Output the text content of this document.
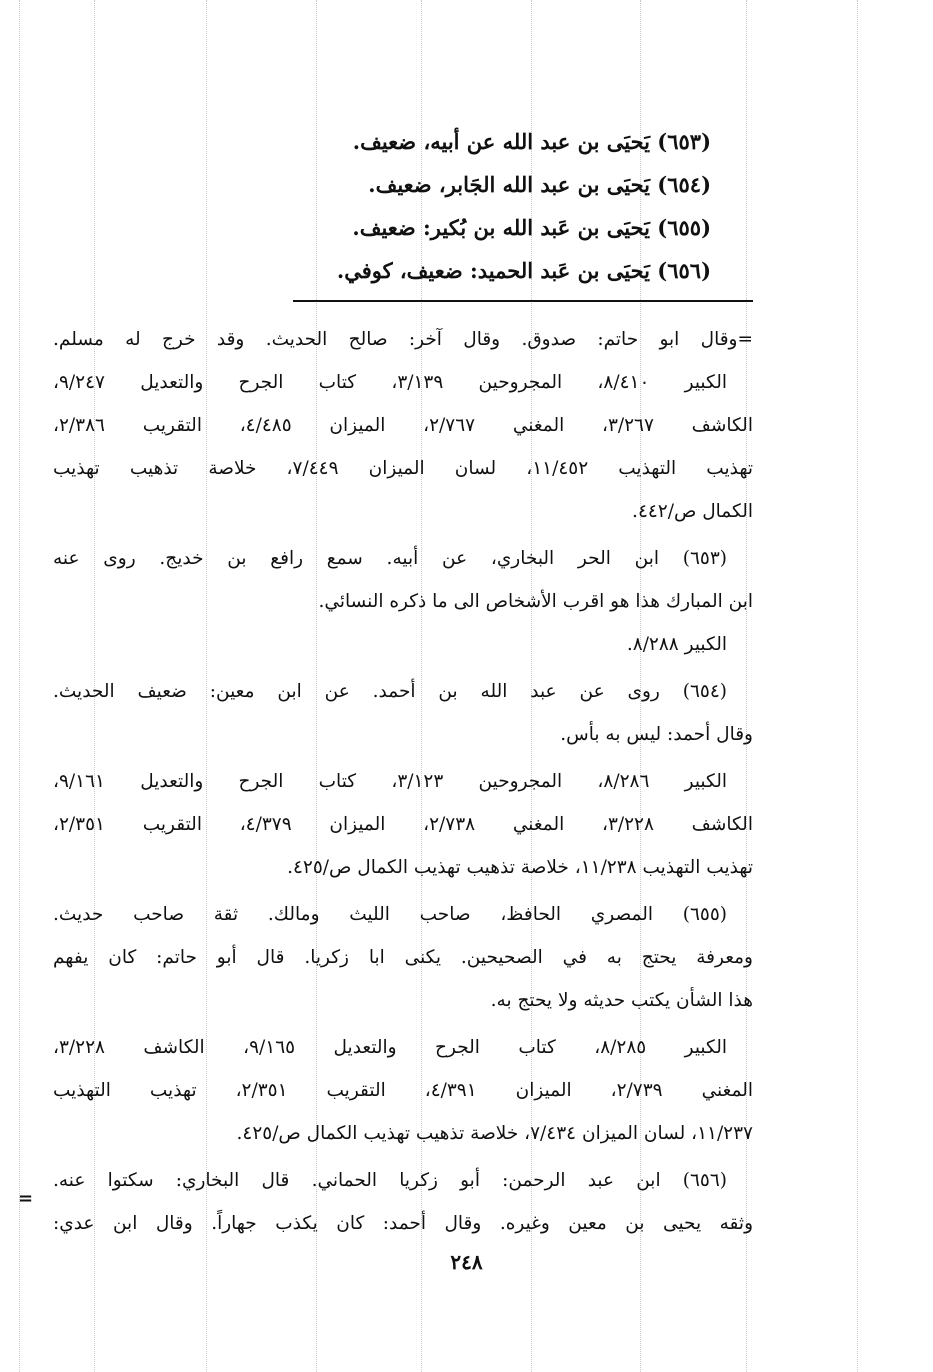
(٦٥٣) يَحيَى بن عبد الله عن أبيه، ضعيف.
(٦٥٤) يَحيَى بن عبد الله الجَابر، ضعيف.
(٦٥٥) يَحيَى بن عَبد الله بن بُكير: ضعيف.
(٦٥٦) يَحيَى بن عَبد الحميد: ضعيف، كوفي.
=وقال ابو حاتم: صدوق. وقال آخر: صالح الحديث. وقد خرج له مسلم.
الكبير ٨/٤١٠، المجروحين ٣/١٣٩، كتاب الجرح والتعديل ٩/٢٤٧،
الكاشف ٣/٢٦٧، المغني ٢/٧٦٧، الميزان ٤/٤٨٥، التقريب ٢/٣٨٦،
تهذيب التهذيب ١١/٤٥٢، لسان الميزان ٧/٤٤٩، خلاصة تذهيب تهذيب
الكمال ص/٤٤٢.
(٦٥٣) ابن الحر البخاري، عن أبيه. سمع رافع بن خديج. روى عنه
ابن المبارك هذا هو اقرب الأشخاص الى ما ذكره النسائي.
الكبير ٨/٢٨٨.
(٦٥٤) روى عن عبد الله بن أحمد. عن ابن معين: ضعيف الحديث.
وقال أحمد: ليس به بأس.
الكبير ٨/٢٨٦، المجروحين ٣/١٢٣، كتاب الجرح والتعديل ٩/١٦١،
الكاشف ٣/٢٢٨، المغني ٢/٧٣٨، الميزان ٤/٣٧٩، التقريب ٢/٣٥١،
تهذيب التهذيب ١١/٢٣٨، خلاصة تذهيب تهذيب الكمال ص/٤٢٥.
(٦٥٥) المصري الحافظ، صاحب الليث ومالك. ثقة صاحب حديث.
ومعرفة يحتج به في الصحيحين. يكنى ابا زكريا. قال أبو حاتم: كان يفهم
هذا الشأن يكتب حديثه ولا يحتج به.
الكبير ٨/٢٨٥، كتاب الجرح والتعديل ٩/١٦٥، الكاشف ٣/٢٢٨،
المغني ٢/٧٣٩، الميزان ٤/٣٩١، التقريب ٢/٣٥١، تهذيب التهذيب
١١/٢٣٧، لسان الميزان ٧/٤٣٤، خلاصة تذهيب تهذيب الكمال ص/٤٢٥.
(٦٥٦) ابن عبد الرحمن: أبو زكريا الحماني. قال البخاري: سكتوا عنه.
وثقه يحيى بن معين وغيره. وقال أحمد: كان يكذب جهاراً. وقال ابن عدي:
=
٢٤٨
